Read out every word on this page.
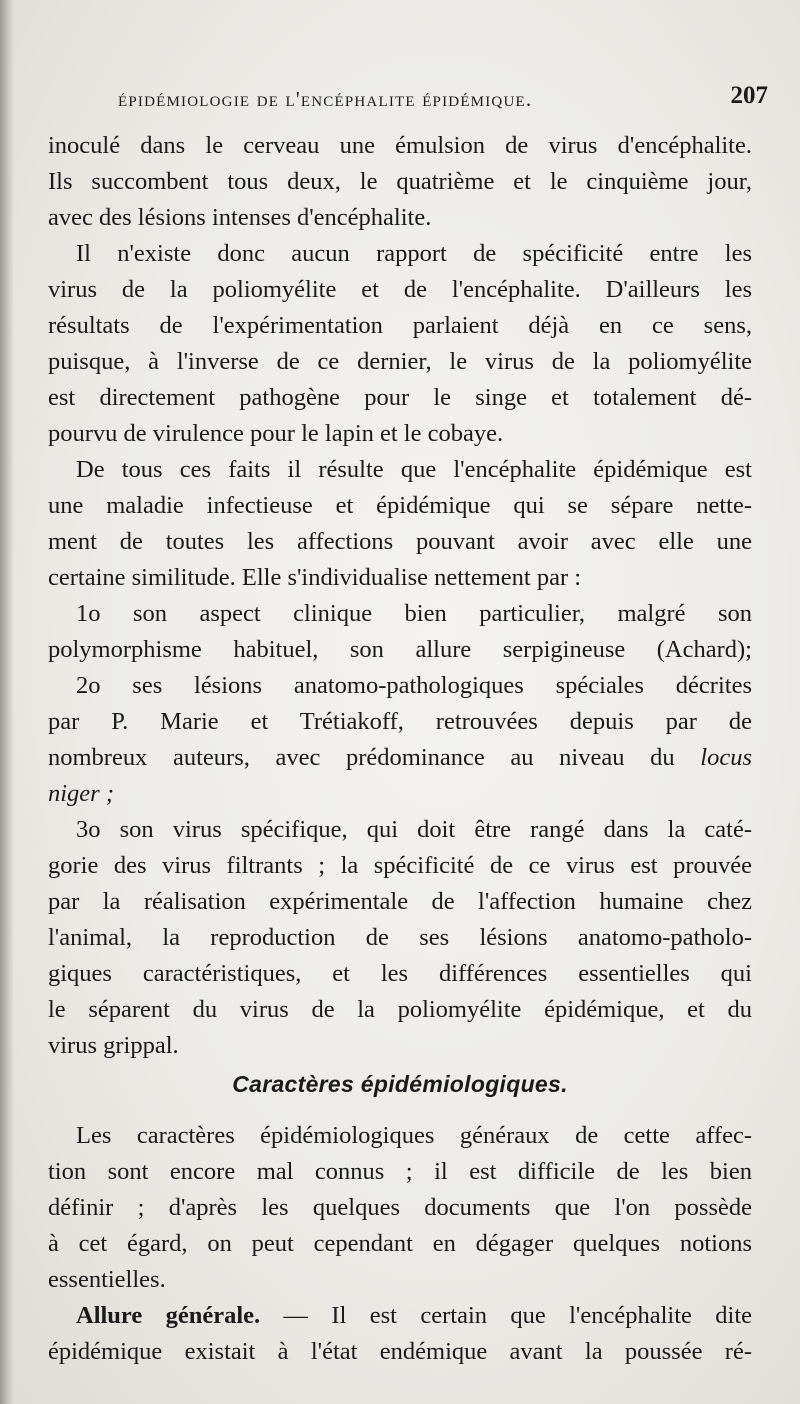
épidémiologie de l'encéphalite épidémique.	207
inoculé dans le cerveau une émulsion de virus d'encéphalite.
Ils succombent tous deux, le quatrième et le cinquième jour,
avec des lésions intenses d'encéphalite.
Il n'existe donc aucun rapport de spécificité entre les
virus de la poliomyélite et de l'encéphalite. D'ailleurs les
résultats de l'expérimentation parlaient déjà en ce sens,
puisque, à l'inverse de ce dernier, le virus de la poliomyélite
est directement pathogène pour le singe et totalement dé-
pourvu de virulence pour le lapin et le cobaye.
De tous ces faits il résulte que l'encéphalite épidémique est
une maladie infectieuse et épidémique qui se sépare nette-
ment de toutes les affections pouvant avoir avec elle une
certaine similitude. Elle s'individualise nettement par :
1o son aspect clinique bien particulier, malgré son
polymorphisme habituel, son allure serpigineuse (Achard);
2o ses lésions anatomo-pathologiques spéciales décrites
par P. Marie et Trétiakoff, retrouvées depuis par de
nombreux auteurs, avec prédominance au niveau du locus
niger ;
3o son virus spécifique, qui doit être rangé dans la caté-
gorie des virus filtrants ; la spécificité de ce virus est prouvée
par la réalisation expérimentale de l'affection humaine chez
l'animal, la reproduction de ses lésions anatomo-patholo-
giques caractéristiques, et les différences essentielles qui
le séparent du virus de la poliomyélite épidémique, et du
virus grippal.
Caractères épidémiologiques.
Les caractères épidémiologiques généraux de cette affec-
tion sont encore mal connus ; il est difficile de les bien
définir ; d'après les quelques documents que l'on possède
à cet égard, on peut cependant en dégager quelques notions
essentielles.
Allure générale. — Il est certain que l'encéphalite dite
épidémique existait à l'état endémique avant la poussée ré-
